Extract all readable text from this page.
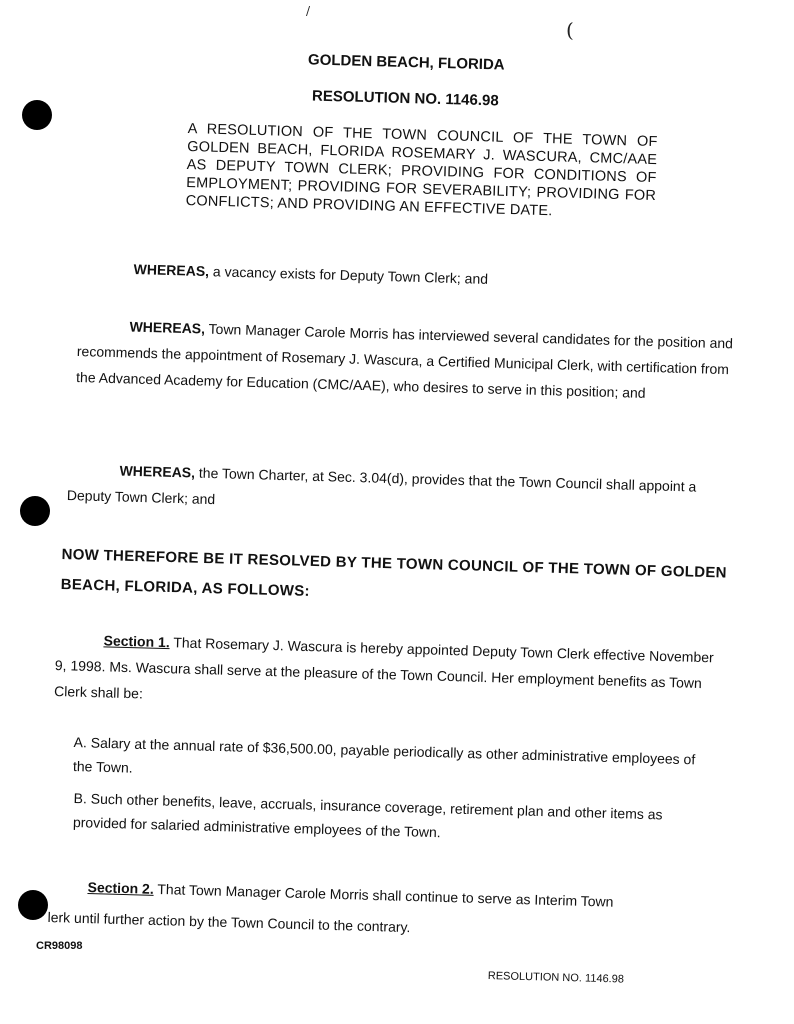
/
(
GOLDEN BEACH, FLORIDA
RESOLUTION NO. 1146.98
A RESOLUTION OF THE TOWN COUNCIL OF THE TOWN OF GOLDEN BEACH, FLORIDA ROSEMARY J. WASCURA, CMC/AAE AS DEPUTY TOWN CLERK; PROVIDING FOR CONDITIONS OF EMPLOYMENT; PROVIDING FOR SEVERABILITY; PROVIDING FOR CONFLICTS; AND PROVIDING AN EFFECTIVE DATE.
WHEREAS, a vacancy exists for Deputy Town Clerk; and
WHEREAS, Town Manager Carole Morris has interviewed several candidates for the position and recommends the appointment of Rosemary J. Wascura, a Certified Municipal Clerk, with certification from the Advanced Academy for Education (CMC/AAE), who desires to serve in this position; and
WHEREAS, the Town Charter, at Sec. 3.04(d), provides that the Town Council shall appoint a Deputy Town Clerk; and
NOW THEREFORE BE IT RESOLVED BY THE TOWN COUNCIL OF THE TOWN OF GOLDEN BEACH, FLORIDA, AS FOLLOWS:
Section 1. That Rosemary J. Wascura is hereby appointed Deputy Town Clerk effective November 9, 1998. Ms. Wascura shall serve at the pleasure of the Town Council. Her employment benefits as Town Clerk shall be:
A. Salary at the annual rate of $36,500.00, payable periodically as other administrative employees of the Town.
B. Such other benefits, leave, accruals, insurance coverage, retirement plan and other items as provided for salaried administrative employees of the Town.
Section 2. That Town Manager Carole Morris shall continue to serve as Interim Town
lerk until further action by the Town Council to the contrary.
CR98098
RESOLUTION NO. 1146.98
